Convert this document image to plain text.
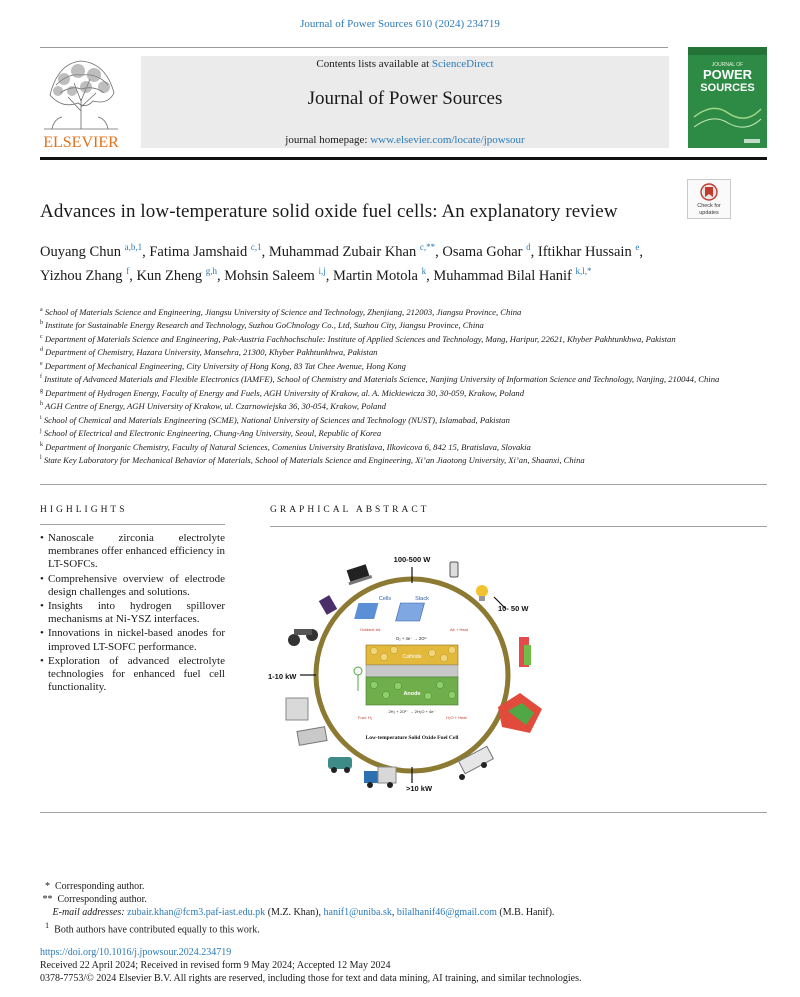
Journal of Power Sources 610 (2024) 234719
ELSEVIER
Contents lists available at ScienceDirect
Journal of Power Sources
journal homepage: www.elsevier.com/locate/jpowsour
JOURNAL OF
POWER
SOURCES
Check for
updates
Advances in low-temperature solid oxide fuel cells: An explanatory review
Ouyang Chun $^{a,b,1}$, Fatima Jamshaid $^{c,1}$, Muhammad Zubair Khan $^{c,**}$, Osama Gohar $^d$, Iftikhar Hussain $^e$, Yizhou Zhang $^f$, Kun Zheng $^{g,h}$, Mohsin Saleem $^{i,j}$, Martin Motola $^k$, Muhammad Bilal Hanif $^{k,l,*}$

$^a$ School of Materials Science and Engineering, Jiangsu University of Science and Technology, Zhenjiang, 212003, Jiangsu Province, China

$^b$ Institute for Sustainable Energy Research and Technology, Suzhou GoChnology Co., Ltd, Suzhou City, Jiangsu Province, China

$^c$ Department of Materials Science and Engineering, Pak-Austria Fachhochschule: Institute of Applied Sciences and Technology, Mang, Haripur, 22621, Khyber Pakhtunkhwa, Pakistan

$^d$ Department of Chemistry, Hazara University, Mansehra, 21300, Khyber Pakhtunkhwa, Pakistan

$^e$ Department of Mechanical Engineering, City University of Hong Kong, 83 Tat Chee Avenue, Hong Kong

$^f$ Institute of Advanced Materials and Flexible Electronics (IAMFE), School of Chemistry and Materials Science, Nanjing University of Information Science and Technology, Nanjing, 210044, China

$^g$ Department of Hydrogen Energy, Faculty of Energy and Fuels, AGH University of Krakow, al. A. Mickiewicza 30, 30-059, Krakow, Poland

$^h$ AGH Centre of Energy, AGH University of Krakow, ul. Czarnowiejska 36, 30-054, Krakow, Poland

$^i$ School of Chemical and Materials Engineering (SCME), National University of Sciences and Technology (NUST), Islamabad, Pakistan

$^j$ School of Electrical and Electronic Engineering, Chung-Ang University, Seoul, Republic of Korea

$^k$ Department of Inorganic Chemistry, Faculty of Natural Sciences, Comenius University Bratislava, Ilkovicova 6, 842 15, Bratislava, Slovakia

$^l$ State Key Laboratory for Mechanical Behavior of Materials, School of Materials Science and Engineering, Xi’an Jiaotong University, Xi’an, Shaanxi, China

HIGHLIGHTS
• Nanoscale zirconia electrolyte membranes offer enhanced efficiency in LT-SOFCs.
• Comprehensive overview of electrode design challenges and solutions.
• Insights into hydrogen spillover mechanisms at Ni-YSZ interfaces.
• Innovations in nickel-based anodes for improved LT-SOFC performance.
• Exploration of advanced electrolyte technologies for enhanced fuel cell functionality.
GRAPHICAL ABSTRACT
100-500 W
10- 50 W
1-10 kW
>10 kW
Cells	Stack
Oxidant: Air	Air + Heat
O₂ + 4e⁻ → 2O²⁻
Cathode
Anode
2H₂ + 2O²⁻ → 2H₂O + 4e⁻
Fuel: H₂	H₂O + Heat
Low-temperature Solid Oxide Fuel Cell

*  Corresponding author.

**  Corresponding author.

E-mail addresses: zubair.khan@fcm3.paf-iast.edu.pk (M.Z. Khan), hanif1@uniba.sk, bilalhanif46@gmail.com (M.B. Hanif).

$^1$ Both authors have contributed equally to this work.

https://doi.org/10.1016/j.jpowsour.2024.234719

Received 22 April 2024; Received in revised form 9 May 2024; Accepted 12 May 2024

0378-7753/© 2024 Elsevier B.V. All rights are reserved, including those for text and data mining, AI training, and similar technologies.
